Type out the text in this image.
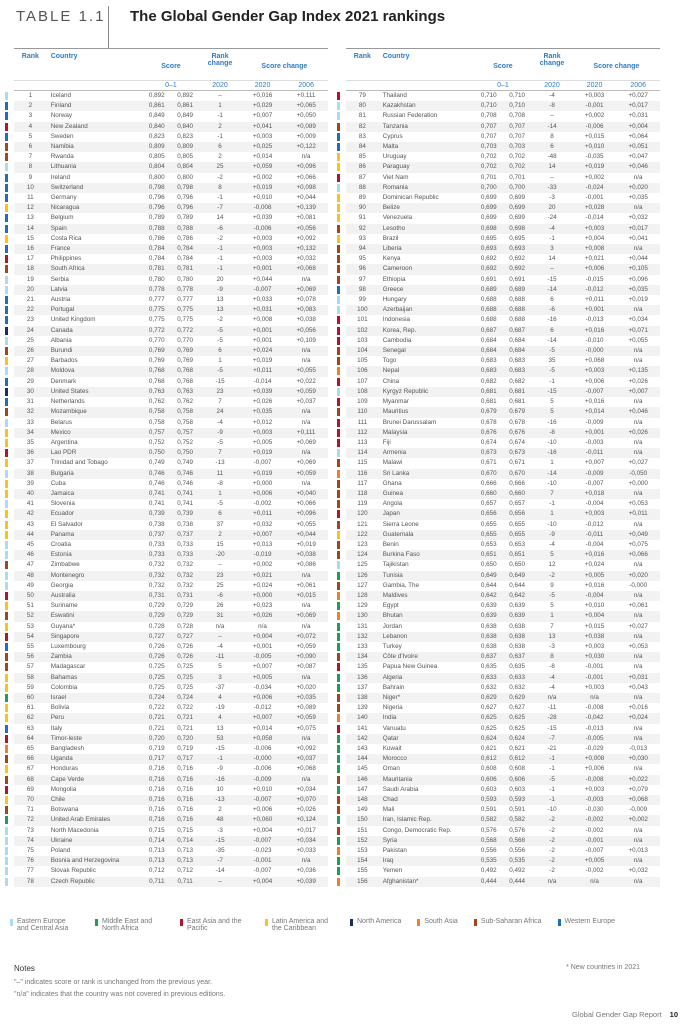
TABLE 1.1 The Global Gender Gap Index 2021 rankings
Rank	Country	Score		Rank change	Score change	
		0–1		2020	2020	2006

1	Iceland	0,892	0,892	–	+0,016	+0,111

2	Finland	0,861	0,861	1	+0,029	+0,065

3	Norway	0,849	0,849	-1	+0,007	+0,050

4	New Zealand	0,840	0,840	2	+0,041	+0,089

5	Sweden	0,823	0,823	-1	+0,003	+0,009

6	Namibia	0,809	0,809	6	+0,025	+0,122

7	Rwanda	0,805	0,805	2	+0,014	n/a

8	Lithuania	0,804	0,804	25	+0,059	+0,096

9	Ireland	0,800	0,800	-2	+0,002	+0,066

10	Switzerland	0,798	0,798	8	+0,019	+0,098

11	Germany	0,796	0,796	-1	+0,010	+0,044

12	Nicaragua	0,796	0,796	-7	-0,008	+0,139

13	Belgium	0,789	0,789	14	+0,039	+0,081

14	Spain	0,788	0,788	-6	-0,006	+0,056

15	Costa Rica	0,786	0,786	-2	+0,003	+0,092

16	France	0,784	0,784	-1	+0,003	+0,132

17	Philippines	0,784	0,784	-1	+0,003	+0,032

18	South Africa	0,781	0,781	-1	+0,001	+0,068

19	Serbia	0,780	0,780	20	+0,044	n/a

20	Latvia	0,778	0,778	-9	-0,007	+0,069

21	Austria	0,777	0,777	13	+0,033	+0,078

22	Portugal	0,775	0,775	13	+0,031	+0,083

23	United Kingdom	0,775	0,775	-2	+0,008	+0,038

24	Canada	0,772	0,772	-5	+0,001	+0,056

25	Albania	0,770	0,770	-5	+0,001	+0,109

26	Burundi	0,769	0,769	6	+0,024	n/a

27	Barbados	0,769	0,769	1	+0,019	n/a

28	Moldova	0,768	0,768	-5	+0,011	+0,055

29	Denmark	0,768	0,768	-15	-0,014	+0,022

30	United States	0,763	0,763	23	+0,039	+0,059

31	Netherlands	0,762	0,762	7	+0,026	+0,037

32	Mozambique	0,758	0,758	24	+0,035	n/a

33	Belarus	0,758	0,758	-4	+0,012	n/a

34	Mexico	0,757	0,757	-9	+0,003	+0,111

35	Argentina	0,752	0,752	-5	+0,005	+0,069

36	Lao PDR	0,750	0,750	7	+0,019	n/a

37	Trinidad and Tobago	0,749	0,749	-13	-0,007	+0,069

38	Bulgaria	0,746	0,746	11	+0,019	+0,059

39	Cuba	0,746	0,746	-8	+0,000	n/a

40	Jamaica	0,741	0,741	1	+0,006	+0,040

41	Slovenia	0,741	0,741	-5	-0,002	+0,066

42	Ecuador	0,739	0,739	6	+0,011	+0,096

43	El Salvador	0,738	0,738	37	+0,032	+0,055

44	Panama	0,737	0,737	2	+0,007	+0,044

45	Croatia	0,733	0,733	15	+0,013	+0,019

46	Estonia	0,733	0,733	-20	-0,019	+0,038

47	Zimbabwe	0,732	0,732	–	+0,002	+0,086

48	Montenegro	0,732	0,732	23	+0,021	n/a

49	Georgia	0,732	0,732	25	+0,024	+0,061

50	Australia	0,731	0,731	-6	+0,000	+0,015

51	Suriname	0,729	0,729	26	+0,023	n/a

52	Eswatini	0,729	0,729	31	+0,026	+0,069

53	Guyana*	0,728	0,728	n/a	n/a	n/a

54	Singapore	0,727	0,727	–	+0,004	+0,072

55	Luxembourg	0,726	0,726	-4	+0,001	+0,059

56	Zambia	0,726	0,726	-11	-0,005	+0,090

57	Madagascar	0,725	0,725	5	+0,007	+0,087

58	Bahamas	0,725	0,725	3	+0,005	n/a

59	Colombia	0,725	0,725	-37	-0,034	+0,020

60	Israel	0,724	0,724	4	+0,006	+0,035

61	Bolivia	0,722	0,722	-19	-0,012	+0,089

62	Peru	0,721	0,721	4	+0,007	+0,059

63	Italy	0,721	0,721	13	+0,014	+0,075

64	Timor-leste	0,720	0,720	53	+0,058	n/a

65	Bangladesh	0,719	0,719	-15	-0,006	+0,092

66	Uganda	0,717	0,717	-1	-0,000	+0,037

67	Honduras	0,716	0,716	-9	-0,006	+0,068

68	Cape Verde	0,716	0,716	-16	-0,009	n/a

69	Mongolia	0,716	0,716	10	+0,010	+0,034

70	Chile	0,716	0,716	-13	-0,007	+0,070

71	Botswana	0,716	0,716	2	+0,006	+0,026

72	United Arab Emirates	0,716	0,716	48	+0,060	+0,124

73	North Macedonia	0,715	0,715	-3	+0,004	+0,017

74	Ukraine	0,714	0,714	-15	-0,007	+0,034

75	Poland	0,713	0,713	-35	-0,023	+0,033

76	Bosnia and Herzegovina	0,713	0,713	-7	-0,001	n/a

77	Slovak Republic	0,712	0,712	-14	-0,007	+0,036

78	Czech Republic	0,711	0,711	–	+0,004	+0,039
Rank	Country	Score		Rank change	Score change	
		0–1		2020	2020	2006

79	Thailand	0,710	0,710	-4	+0,003	+0,027

80	Kazakhstan	0,710	0,710	-8	-0,001	+0,017

81	Russian Federation	0,708	0,708	–	+0,002	+0,031

82	Tanzania	0,707	0,707	-14	-0,006	+0,004

83	Cyprus	0,707	0,707	8	+0,015	+0,064

84	Malta	0,703	0,703	6	+0,010	+0,051

85	Uruguay	0,702	0,702	-48	-0,035	+0,047

86	Paraguay	0,702	0,702	14	+0,019	+0,046

87	Viet Nam	0,701	0,701	–	+0,002	n/a

88	Romania	0,700	0,700	-33	-0,024	+0,020

89	Dominican Republic	0,699	0,699	-3	-0,001	+0,035

90	Belize	0,699	0,699	20	+0,028	n/a

91	Venezuela	0,699	0,699	-24	-0,014	+0,032

92	Lesotho	0,698	0,698	-4	+0,003	+0,017

93	Brazil	0,695	0,695	-1	+0,004	+0,041

94	Liberia	0,693	0,693	3	+0,008	n/a

95	Kenya	0,692	0,692	14	+0,021	+0,044

96	Cameroon	0,692	0,692	–	+0,006	+0,105

97	Ethiopia	0,691	0,691	-15	-0,015	+0,096

98	Greece	0,689	0,689	-14	-0,012	+0,035

99	Hungary	0,688	0,688	6	+0,011	+0,019

100	Azerbaijan	0,688	0,688	-6	+0,001	n/a

101	Indonesia	0,688	0,688	-16	-0,013	+0,034

102	Korea, Rep.	0,687	0,687	6	+0,016	+0,071

103	Cambodia	0,684	0,684	-14	-0,010	+0,055

104	Senegal	0,684	0,684	-5	-0,000	n/a

105	Togo	0,683	0,683	35	+0,068	n/a

106	Nepal	0,683	0,683	-5	+0,003	+0,135

107	China	0,682	0,682	-1	+0,006	+0,026

108	Kyrgyz Republic	0,681	0,681	-15	-0,007	+0,007

109	Myanmar	0,681	0,681	5	+0,016	n/a

110	Mauritius	0,679	0,679	5	+0,014	+0,046

111	Brunei Darussalam	0,678	0,678	-16	-0,009	n/a

112	Malaysia	0,676	0,676	-8	+0,001	+0,026

113	Fiji	0,674	0,674	-10	-0,003	n/a

114	Armenia	0,673	0,673	-16	-0,011	n/a

115	Malawi	0,671	0,671	1	+0,007	+0,027

116	Sri Lanka	0,670	0,670	-14	-0,009	-0,050

117	Ghana	0,666	0,666	-10	-0,007	+0,000

118	Guinea	0,660	0,660	7	+0,018	n/a

119	Angola	0,657	0,657	-1	-0,004	+0,053

120	Japan	0,656	0,656	1	+0,003	+0,011

121	Sierra Leone	0,655	0,655	-10	-0,012	n/a

122	Guatemala	0,655	0,655	-9	-0,011	+0,049

123	Benin	0,653	0,653	-4	-0,004	+0,075

124	Burkina Faso	0,651	0,651	5	+0,016	+0,066

125	Tajikistan	0,650	0,650	12	+0,024	n/a

126	Tunisia	0,649	0,649	-2	+0,005	+0,020

127	Gambia, The	0,644	0,644	9	+0,016	-0,000

128	Maldives	0,642	0,642	-5	-0,004	n/a

129	Egypt	0,639	0,639	5	+0,010	+0,061

130	Bhutan	0,639	0,639	1	+0,004	n/a

131	Jordan	0,638	0,638	7	+0,015	+0,027

132	Lebanon	0,638	0,638	13	+0,038	n/a

133	Turkey	0,638	0,638	-3	+0,003	+0,053

134	Côte d'Ivoire	0,637	0,637	8	+0,030	n/a

135	Papua New Guinea	0,635	0,635	-8	-0,001	n/a

136	Algeria	0,633	0,633	-4	-0,001	+0,031

137	Bahrain	0,632	0,632	-4	+0,003	+0,043

138	Niger*	0,629	0,629	n/a	n/a	n/a

139	Nigeria	0,627	0,627	-11	-0,008	+0,016

140	India	0,625	0,625	-28	-0,042	+0,024

141	Vanuatu	0,625	0,625	-15	-0,013	n/a

142	Qatar	0,624	0,624	-7	-0,005	n/a

143	Kuwait	0,621	0,621	-21	-0,029	-0,013

144	Morocco	0,612	0,612	-1	+0,008	+0,030

145	Oman	0,608	0,608	-1	+0,006	n/a

146	Mauritania	0,606	0,606	-5	-0,008	+0,022

147	Saudi Arabia	0,603	0,603	-1	+0,003	+0,079

148	Chad	0,593	0,593	-1	-0,003	+0,068

149	Mali	0,591	0,591	-10	-0,030	-0,009

150	Iran, Islamic Rep.	0,582	0,582	-2	-0,002	+0,002

151	Congo, Democratic Rep.	0,576	0,576	-2	-0,002	n/a

152	Syria	0,568	0,568	-2	-0,001	n/a

153	Pakistan	0,556	0,556	-2	-0,007	+0,013

154	Iraq	0,535	0,535	-2	+0,005	n/a

155	Yemen	0,492	0,492	-2	-0,002	+0,032

156	Afghanistan*	0,444	0,444	n/a	n/a	n/a
Eastern Europe and Central Asia
Middle East and North Africa
East Asia and the Pacific
Latin America and the Caribbean
North America	South Asia	Sub-Saharan Africa	Western Europe
Notes
"–" indicates score or rank is unchanged from the previous year.
"n/a" indicates that the country was not covered in previous editions.
* New countries in 2021
Global Gender Gap Report 10
